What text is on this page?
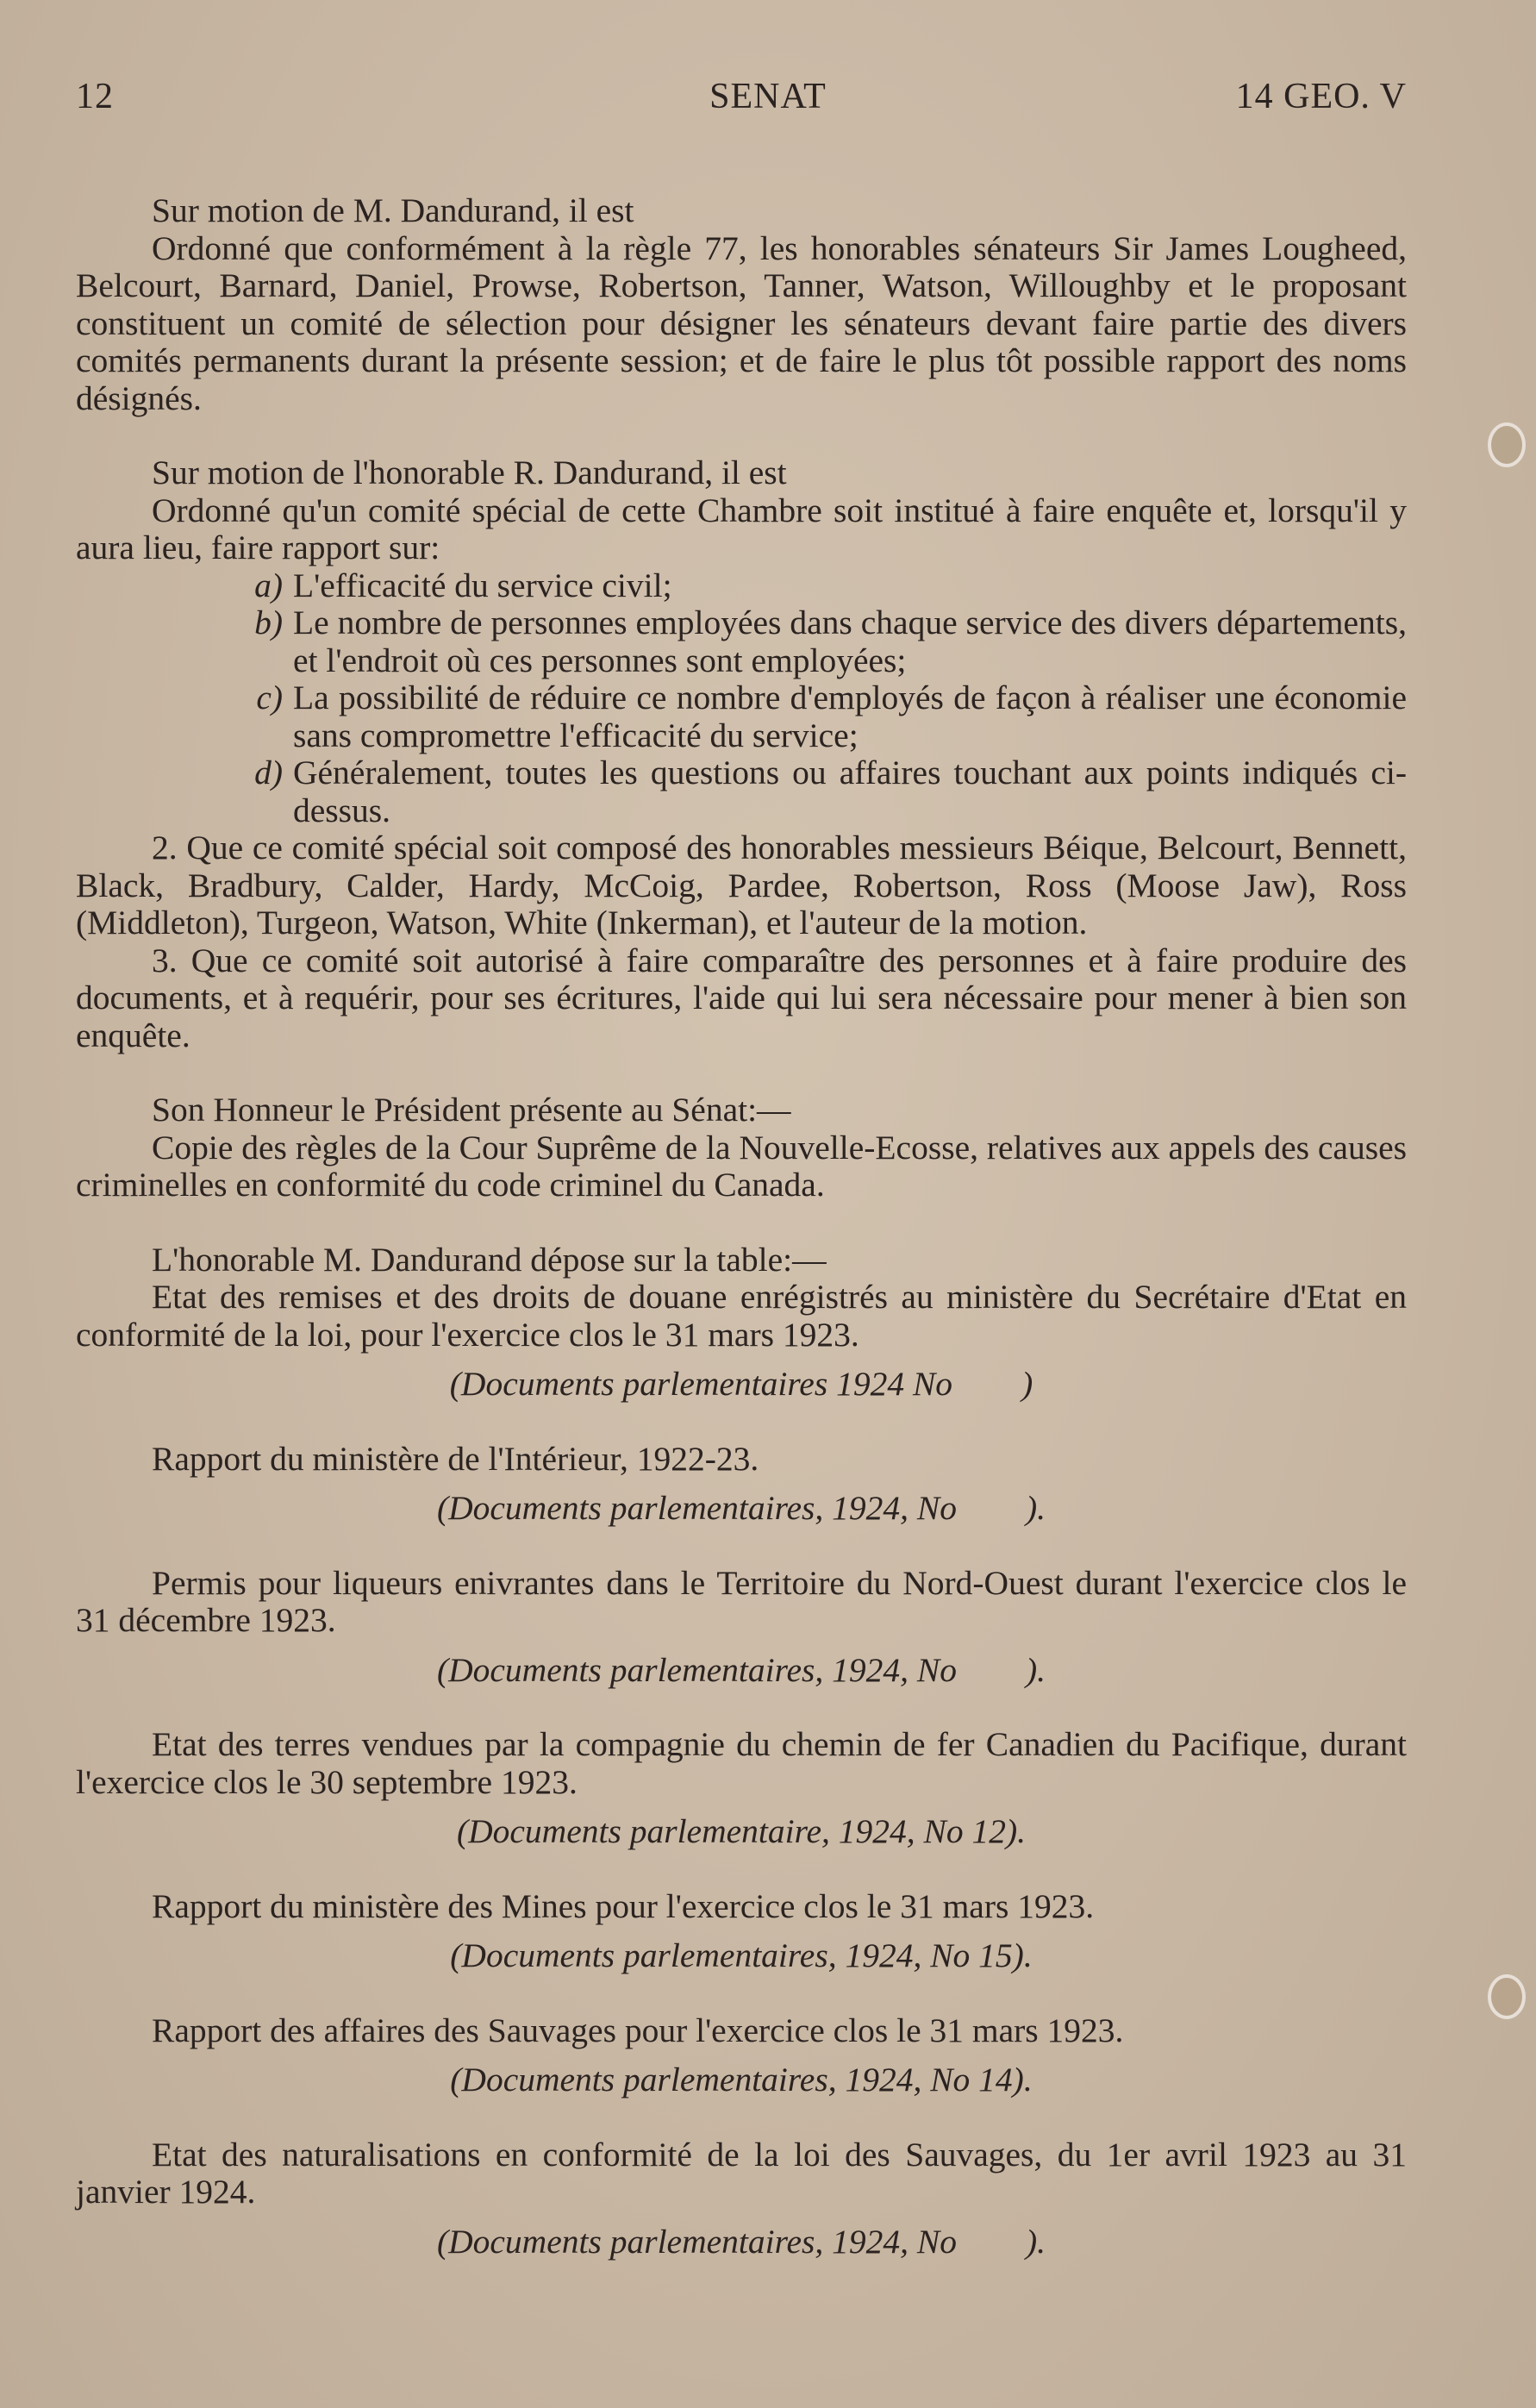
12	SENAT	14 GEO. V

Sur motion de M. Dandurand, il est

Ordonné que conformément à la règle 77, les honorables sénateurs Sir James Lougheed, Belcourt, Barnard, Daniel, Prowse, Robertson, Tanner, Watson, Willoughby et le proposant constituent un comité de sélection pour désigner les sénateurs devant faire partie des divers comités permanents durant la présente session; et de faire le plus tôt possible rapport des noms désignés.

Sur motion de l'honorable R. Dandurand, il est

Ordonné qu'un comité spécial de cette Chambre soit institué à faire enquête et, lorsqu'il y aura lieu, faire rapport sur:

a) L'efficacité du service civil;
b) Le nombre de personnes employées dans chaque service des divers départements, et l'endroit où ces personnes sont employées;
c) La possibilité de réduire ce nombre d'employés de façon à réaliser une économie sans compromettre l'efficacité du service;
d) Généralement, toutes les questions ou affaires touchant aux points indiqués ci-dessus.

2. Que ce comité spécial soit composé des honorables messieurs Béique, Belcourt, Bennett, Black, Bradbury, Calder, Hardy, McCoig, Pardee, Robertson, Ross (Moose Jaw), Ross (Middleton), Turgeon, Watson, White (Inkerman), et l'auteur de la motion.

3. Que ce comité soit autorisé à faire comparaître des personnes et à faire produire des documents, et à requérir, pour ses écritures, l'aide qui lui sera nécessaire pour mener à bien son enquête.

Son Honneur le Président présente au Sénat:—

Copie des règles de la Cour Suprême de la Nouvelle-Ecosse, relatives aux appels des causes criminelles en conformité du code criminel du Canada.

L'honorable M. Dandurand dépose sur la table:—

Etat des remises et des droits de douane enrégistrés au ministère du Secrétaire d'Etat en conformité de la loi, pour l'exercice clos le 31 mars 1923.

(Documents parlementaires 1924 No )

Rapport du ministère de l'Intérieur, 1922-23.

(Documents parlementaires, 1924, No ).

Permis pour liqueurs enivrantes dans le Territoire du Nord-Ouest durant l'exercice clos le 31 décembre 1923.

(Documents parlementaires, 1924, No ).

Etat des terres vendues par la compagnie du chemin de fer Canadien du Pacifique, durant l'exercice clos le 30 septembre 1923.

(Documents parlementaire, 1924, No 12).

Rapport du ministère des Mines pour l'exercice clos le 31 mars 1923.

(Documents parlementaires, 1924, No 15).

Rapport des affaires des Sauvages pour l'exercice clos le 31 mars 1923.

(Documents parlementaires, 1924, No 14).

Etat des naturalisations en conformité de la loi des Sauvages, du 1er avril 1923 au 31 janvier 1924.

(Documents parlementaires, 1924, No ).
